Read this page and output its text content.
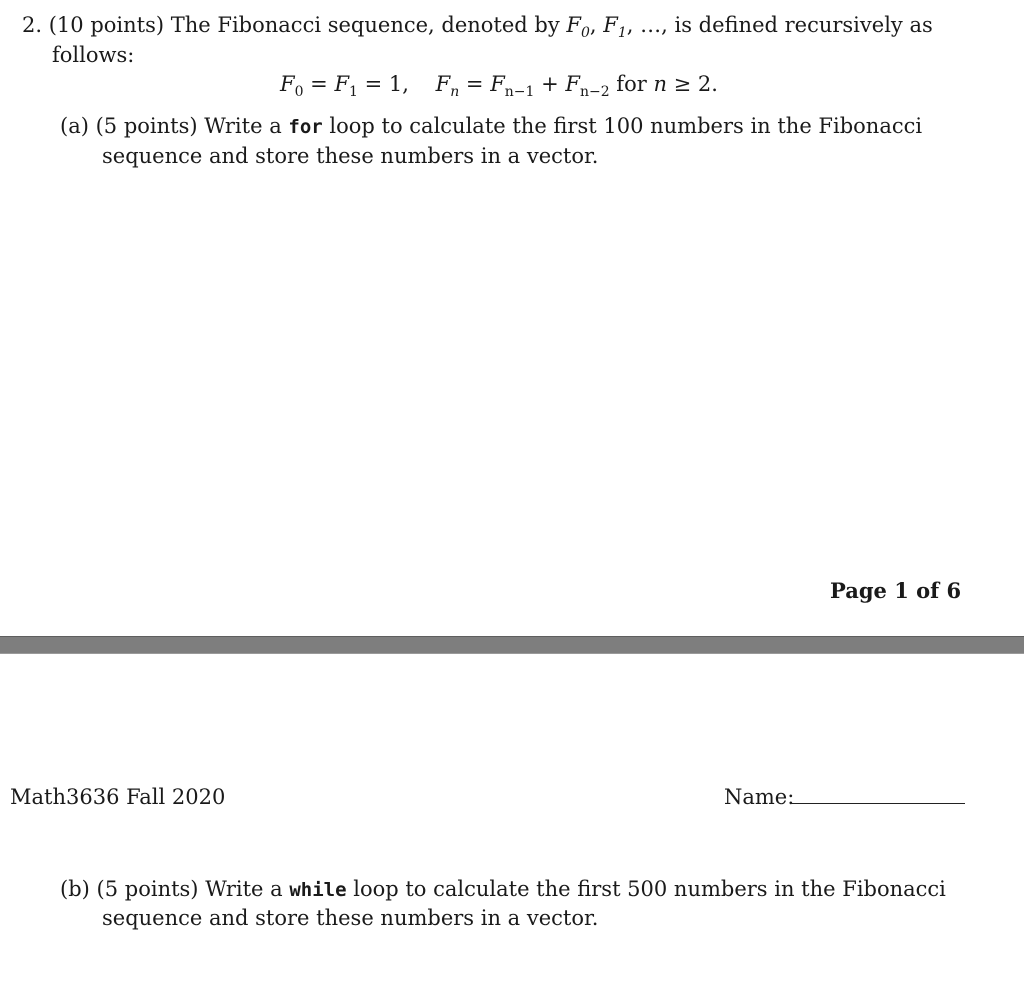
2. (10 points) The Fibonacci sequence, denoted by $F_0$, $F_1$, …, is defined recursively as
follows:
$F_0 = F_1 = 1$, $F_n = F_{n-1} + F_{n-2}$ for n ≥ 2.
(a) (5 points) Write a for loop to calculate the first 100 numbers in the Fibonacci
sequence and store these numbers in a vector.
Page 1 of 6
Math3636 Fall 2020	Name:
(b) (5 points) Write a while loop to calculate the first 500 numbers in the Fibonacci
sequence and store these numbers in a vector.
